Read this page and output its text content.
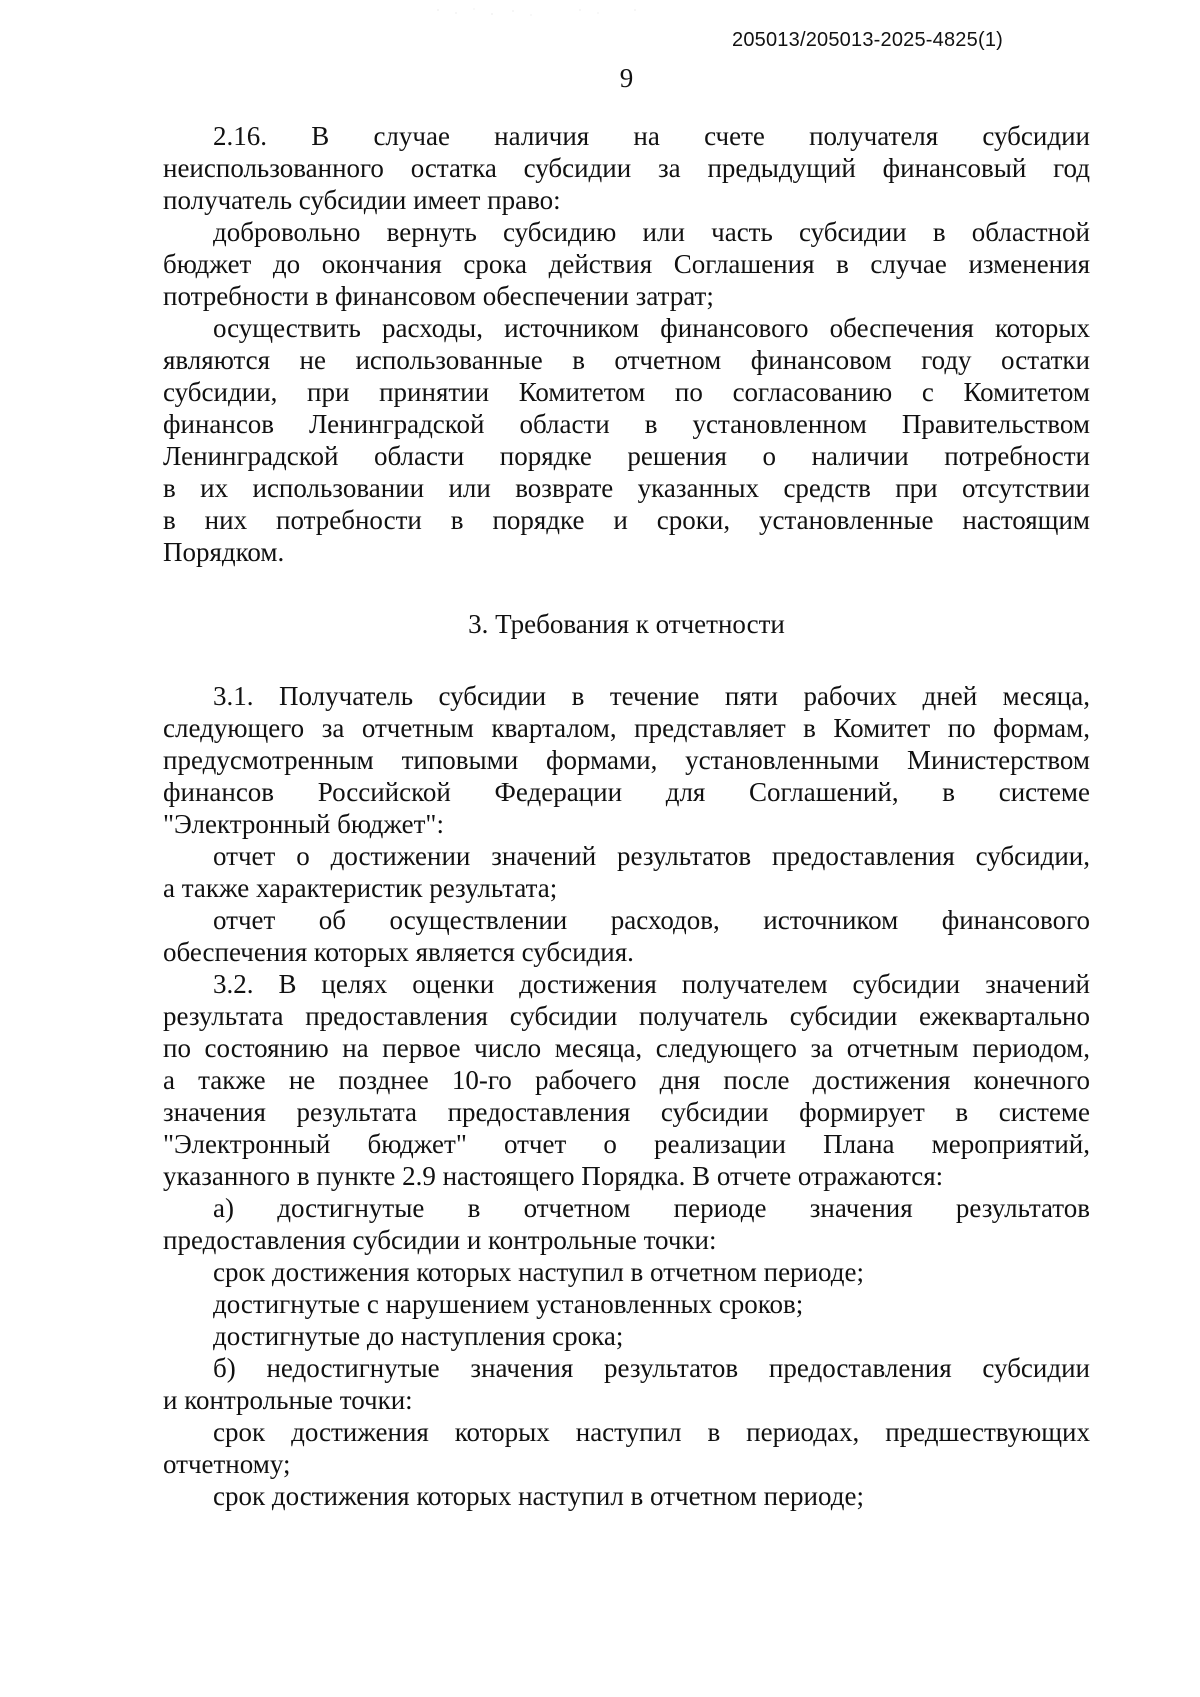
205013/205013-2025-4825(1)
9
2.16. В случае наличия на счете получателя субсидии
неиспользованного остатка субсидии за предыдущий финансовый год
получатель субсидии имеет право:
добровольно вернуть субсидию или часть субсидии в областной
бюджет до окончания срока действия Соглашения в случае изменения
потребности в финансовом обеспечении затрат;
осуществить расходы, источником финансового обеспечения которых
являются не использованные в отчетном финансовом году остатки
субсидии, при принятии Комитетом по согласованию с Комитетом
финансов Ленинградской области в установленном Правительством
Ленинградской области порядке решения о наличии потребности
в их использовании или возврате указанных средств при отсутствии
в них потребности в порядке и сроки, установленные настоящим
Порядком.
3. Требования к отчетности
3.1. Получатель субсидии в течение пяти рабочих дней месяца,
следующего за отчетным кварталом, представляет в Комитет по формам,
предусмотренным типовыми формами, установленными Министерством
финансов Российской Федерации для Соглашений, в системе
"Электронный бюджет":
отчет о достижении значений результатов предоставления субсидии,
а также характеристик результата;
отчет об осуществлении расходов, источником финансового
обеспечения которых является субсидия.
3.2. В целях оценки достижения получателем субсидии значений
результата предоставления субсидии получатель субсидии ежеквартально
по состоянию на первое число месяца, следующего за отчетным периодом,
а также не позднее 10-го рабочего дня после достижения конечного
значения результата предоставления субсидии формирует в системе
"Электронный бюджет" отчет о реализации Плана мероприятий,
указанного в пункте 2.9 настоящего Порядка. В отчете отражаются:
а) достигнутые в отчетном периоде значения результатов
предоставления субсидии и контрольные точки:
срок достижения которых наступил в отчетном периоде;
достигнутые с нарушением установленных сроков;
достигнутые до наступления срока;
б) недостигнутые значения результатов предоставления субсидии
и контрольные точки:
срок достижения которых наступил в периодах, предшествующих
отчетному;
срок достижения которых наступил в отчетном периоде;
